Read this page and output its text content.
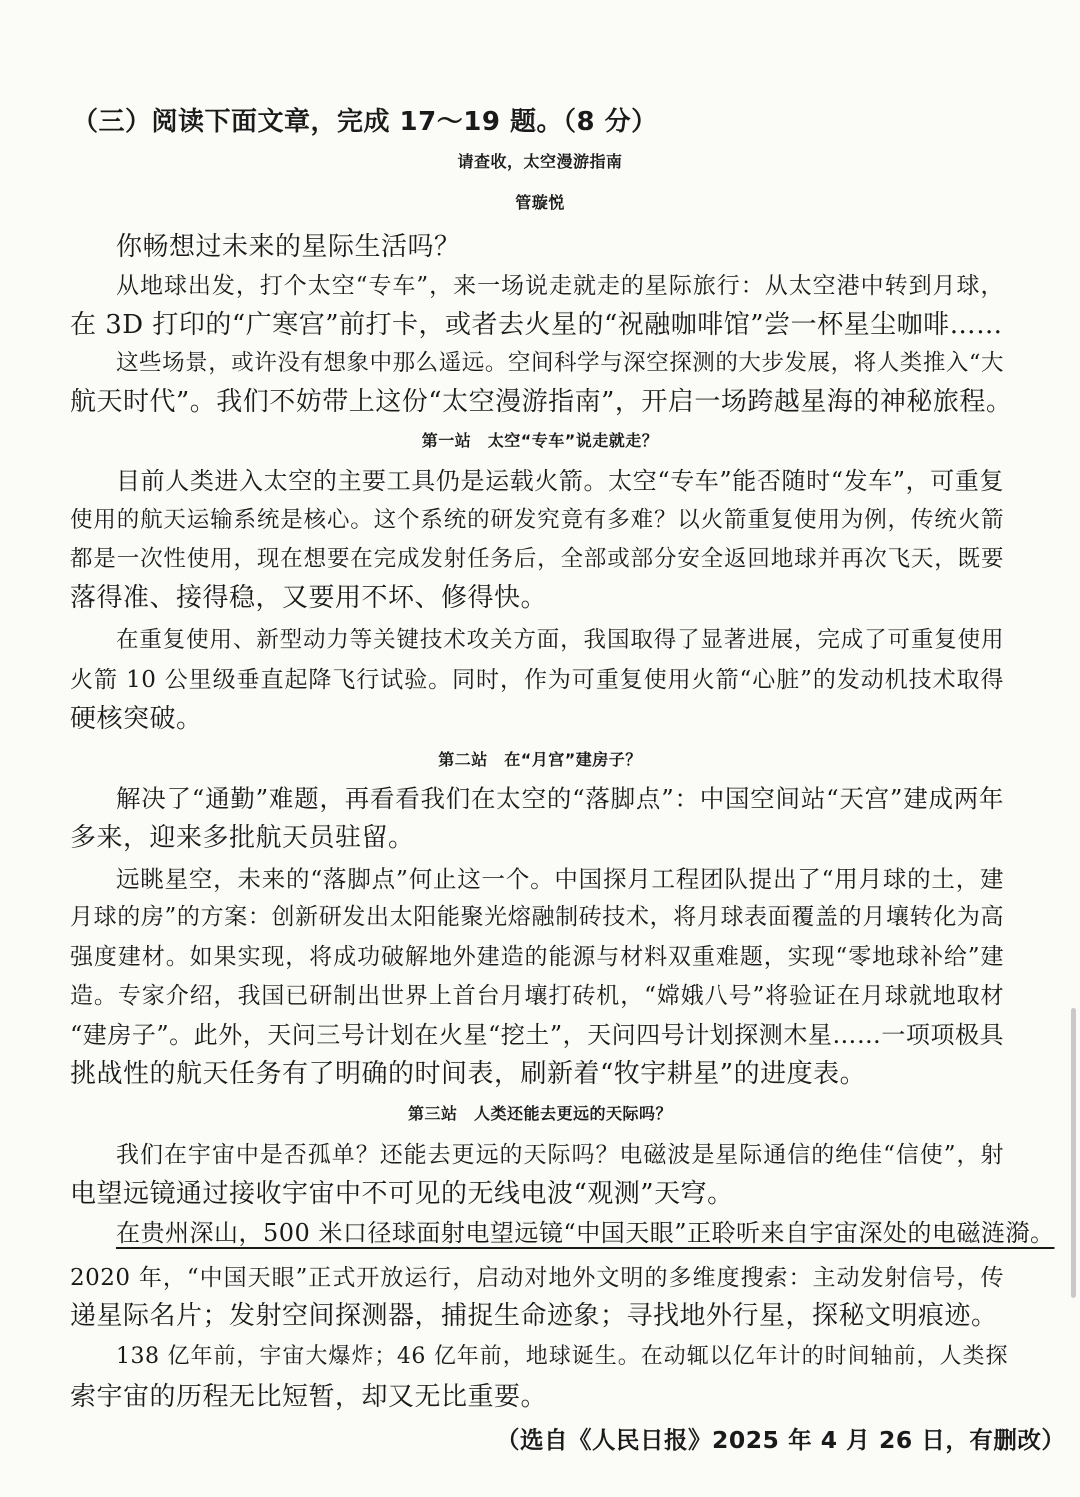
（三）阅读下面文章，完成 17～19 题。（8 分）
请查收，太空漫游指南
管璇悦
你畅想过未来的星际生活吗？
从地球出发，打个太空“专车”，来一场说走就走的星际旅行：从太空港中转到月球，
在 3D 打印的“广寒宫”前打卡，或者去火星的“祝融咖啡馆”尝一杯星尘咖啡……
这些场景，或许没有想象中那么遥远。空间科学与深空探测的大步发展，将人类推入“大
航天时代”。我们不妨带上这份“太空漫游指南”，开启一场跨越星海的神秘旅程。
第一站　太空“专车”说走就走？
目前人类进入太空的主要工具仍是运载火箭。太空“专车”能否随时“发车”，可重复
使用的航天运输系统是核心。这个系统的研发究竟有多难？以火箭重复使用为例，传统火箭
都是一次性使用，现在想要在完成发射任务后，全部或部分安全返回地球并再次飞天，既要
落得准、接得稳，又要用不坏、修得快。
在重复使用、新型动力等关键技术攻关方面，我国取得了显著进展，完成了可重复使用
火箭 10 公里级垂直起降飞行试验。同时，作为可重复使用火箭“心脏”的发动机技术取得
硬核突破。
第二站　在“月宫”建房子？
解决了“通勤”难题，再看看我们在太空的“落脚点”：中国空间站“天宫”建成两年
多来，迎来多批航天员驻留。
远眺星空，未来的“落脚点”何止这一个。中国探月工程团队提出了“用月球的土，建
月球的房”的方案：创新研发出太阳能聚光熔融制砖技术，将月球表面覆盖的月壤转化为高
强度建材。如果实现，将成功破解地外建造的能源与材料双重难题，实现“零地球补给”建
造。专家介绍，我国已研制出世界上首台月壤打砖机，“嫦娥八号”将验证在月球就地取材
“建房子”。此外，天问三号计划在火星“挖土”，天问四号计划探测木星……一项项极具
挑战性的航天任务有了明确的时间表，刷新着“牧宇耕星”的进度表。
第三站　人类还能去更远的天际吗？
我们在宇宙中是否孤单？还能去更远的天际吗？电磁波是星际通信的绝佳“信使”，射
电望远镜通过接收宇宙中不可见的无线电波“观测”天穹。
在贵州深山，500 米口径球面射电望远镜“中国天眼”正聆听来自宇宙深处的电磁涟漪。
2020 年，“中国天眼”正式开放运行，启动对地外文明的多维度搜索：主动发射信号，传
递星际名片；发射空间探测器，捕捉生命迹象；寻找地外行星，探秘文明痕迹。
138 亿年前，宇宙大爆炸；46 亿年前，地球诞生。在动辄以亿年计的时间轴前，人类探
索宇宙的历程无比短暂，却又无比重要。
（选自《人民日报》2025 年 4 月 26 日，有删改）
